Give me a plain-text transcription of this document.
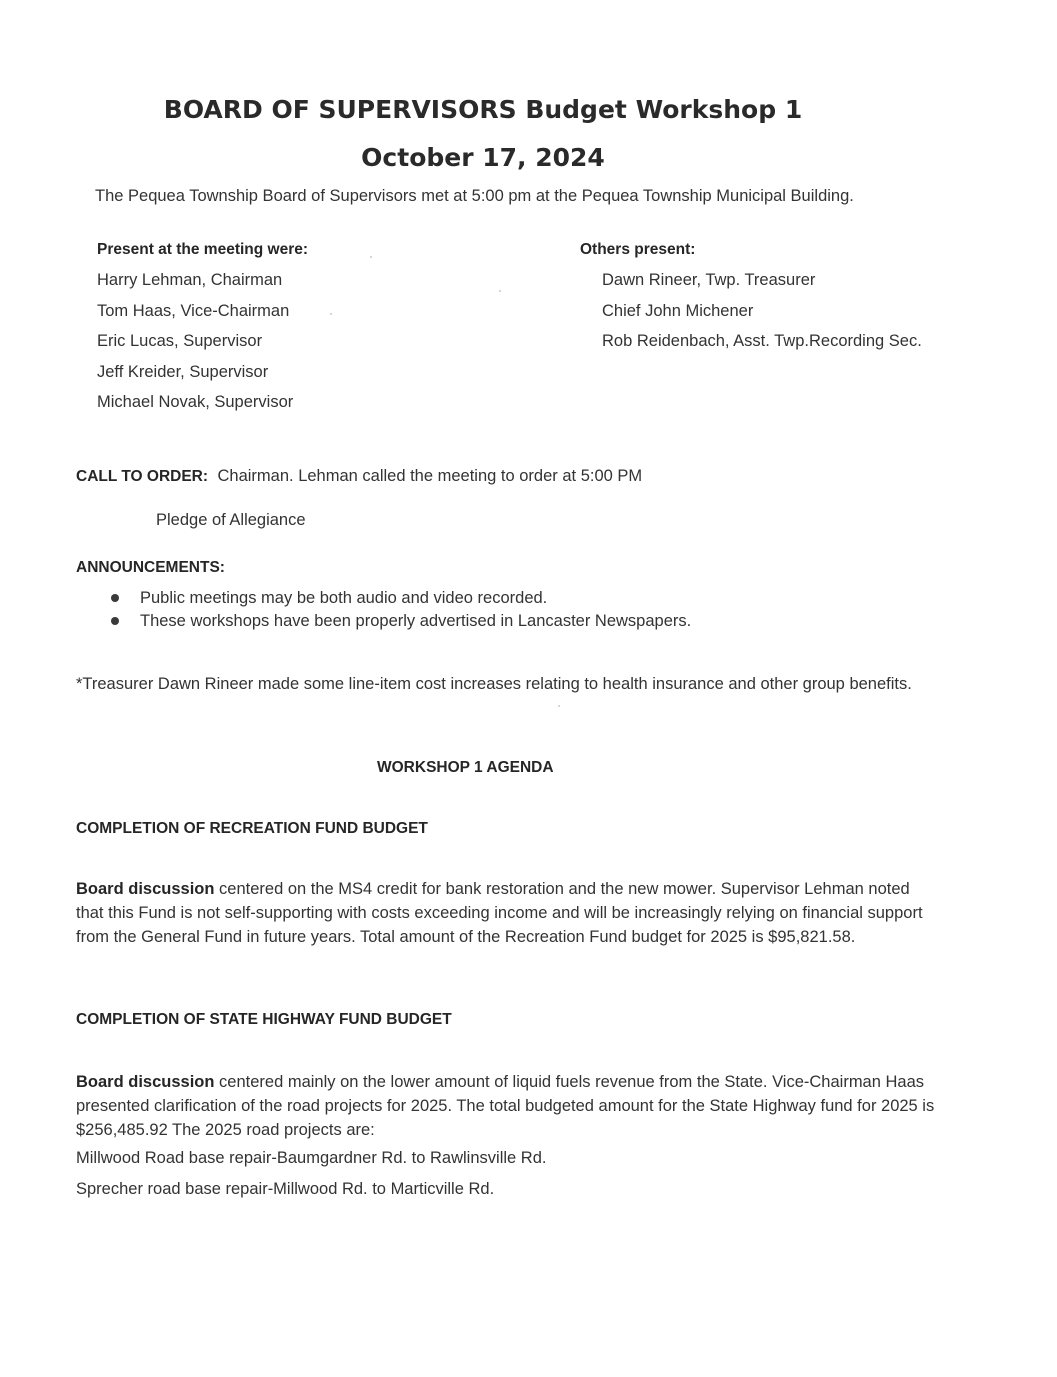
BOARD OF SUPERVISORS Budget Workshop 1
October 17, 2024

The Pequea Township Board of Supervisors met at 5:00 pm at the Pequea Township Municipal Building.

Present at the meeting were:

Harry Lehman, Chairman

Tom Haas, Vice-Chairman

Eric Lucas, Supervisor

Jeff Kreider, Supervisor

Michael Novak, Supervisor

Others present:

Dawn Rineer, Twp. Treasurer

Chief John Michener

Rob Reidenbach, Asst. Twp.Recording Sec.

CALL TO ORDER: Chairman. Lehman called the meeting to order at 5:00 PM

Pledge of Allegiance

ANNOUNCEMENTS:

Public meetings may be both audio and video recorded.

These workshops have been properly advertised in Lancaster Newspapers.

*Treasurer Dawn Rineer made some line-item cost increases relating to health insurance and other group benefits.

WORKSHOP 1 AGENDA

COMPLETION OF RECREATION FUND BUDGET

Board discussion centered on the MS4 credit for bank restoration and the new mower. Supervisor Lehman noted that this Fund is not self-supporting with costs exceeding income and will be increasingly relying on financial support from the General Fund in future years. Total amount of the Recreation Fund budget for 2025 is $95,821.58.

COMPLETION OF STATE HIGHWAY FUND BUDGET

Board discussion centered mainly on the lower amount of liquid fuels revenue from the State. Vice-Chairman Haas presented clarification of the road projects for 2025. The total budgeted amount for the State Highway fund for 2025 is $256,485.92 The 2025 road projects are:

Millwood Road base repair-Baumgardner Rd. to Rawlinsville Rd.

Sprecher road base repair-Millwood Rd. to Marticville Rd.
